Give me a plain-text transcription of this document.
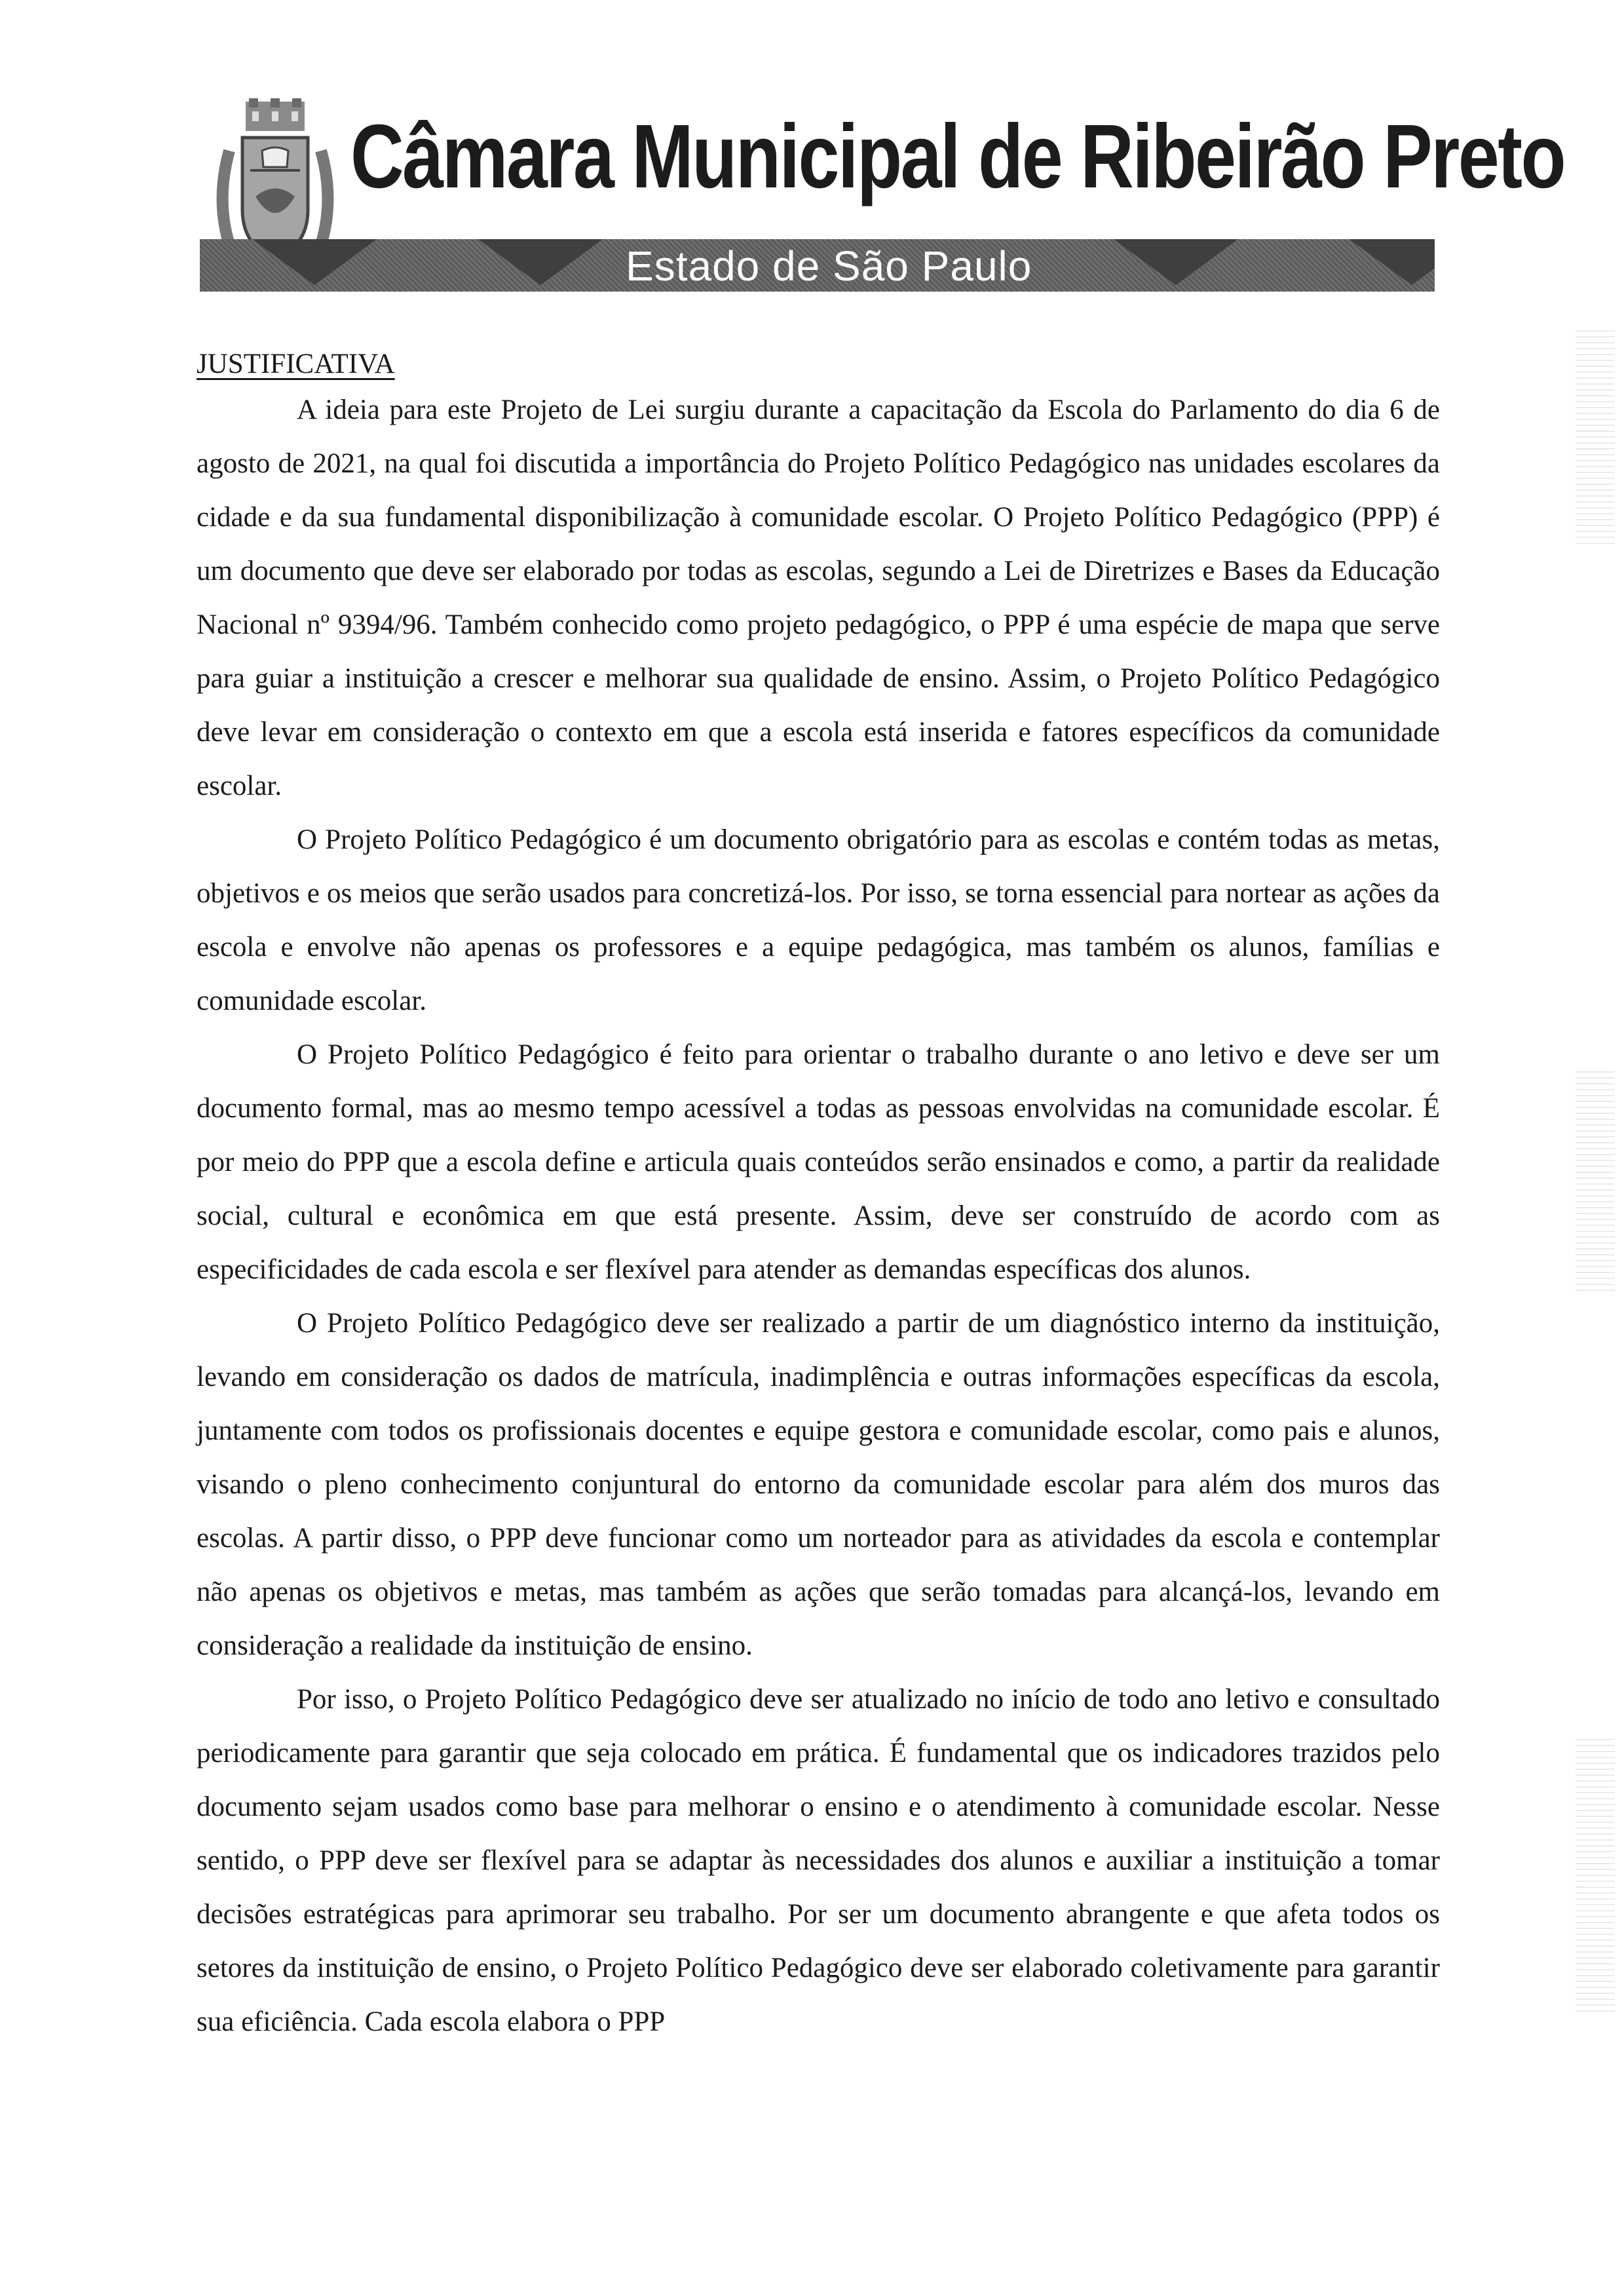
Câmara Municipal de Ribeirão Preto
Estado de São Paulo
JUSTIFICATIVA

A ideia para este Projeto de Lei surgiu durante a capacitação da Escola do Parlamento do dia 6 de agosto de 2021, na qual foi discutida a importância do Projeto Político Pedagógico nas unidades escolares da cidade e da sua fundamental disponibilização à comunidade escolar. O Projeto Político Pedagógico (PPP) é um documento que deve ser elaborado por todas as escolas, segundo a Lei de Diretrizes e Bases da Educação Nacional nº 9394/96. Também conhecido como projeto pedagógico, o PPP é uma espécie de mapa que serve para guiar a instituição a crescer e melhorar sua qualidade de ensino. Assim, o Projeto Político Pedagógico deve levar em consideração o contexto em que a escola está inserida e fatores específicos da comunidade escolar.

O Projeto Político Pedagógico é um documento obrigatório para as escolas e contém todas as metas, objetivos e os meios que serão usados para concretizá-los. Por isso, se torna essencial para nortear as ações da escola e envolve não apenas os professores e a equipe pedagógica, mas também os alunos, famílias e comunidade escolar.

O Projeto Político Pedagógico é feito para orientar o trabalho durante o ano letivo e deve ser um documento formal, mas ao mesmo tempo acessível a todas as pessoas envolvidas na comunidade escolar. É por meio do PPP que a escola define e articula quais conteúdos serão ensinados e como, a partir da realidade social, cultural e econômica em que está presente. Assim, deve ser construído de acordo com as especificidades de cada escola e ser flexível para atender as demandas específicas dos alunos.

O Projeto Político Pedagógico deve ser realizado a partir de um diagnóstico interno da instituição, levando em consideração os dados de matrícula, inadimplência e outras informações específicas da escola, juntamente com todos os profissionais docentes e equipe gestora e comunidade escolar, como pais e alunos, visando o pleno conhecimento conjuntural do entorno da comunidade escolar para além dos muros das escolas. A partir disso, o PPP deve funcionar como um norteador para as atividades da escola e contemplar não apenas os objetivos e metas, mas também as ações que serão tomadas para alcançá-los, levando em consideração a realidade da instituição de ensino.

Por isso, o Projeto Político Pedagógico deve ser atualizado no início de todo ano letivo e consultado periodicamente para garantir que seja colocado em prática. É fundamental que os indicadores trazidos pelo documento sejam usados como base para melhorar o ensino e o atendimento à comunidade escolar. Nesse sentido, o PPP deve ser flexível para se adaptar às necessidades dos alunos e auxiliar a instituição a tomar decisões estratégicas para aprimorar seu trabalho. Por ser um documento abrangente e que afeta todos os setores da instituição de ensino, o Projeto Político Pedagógico deve ser elaborado coletivamente para garantir sua eficiência. Cada escola elabora o PPP
